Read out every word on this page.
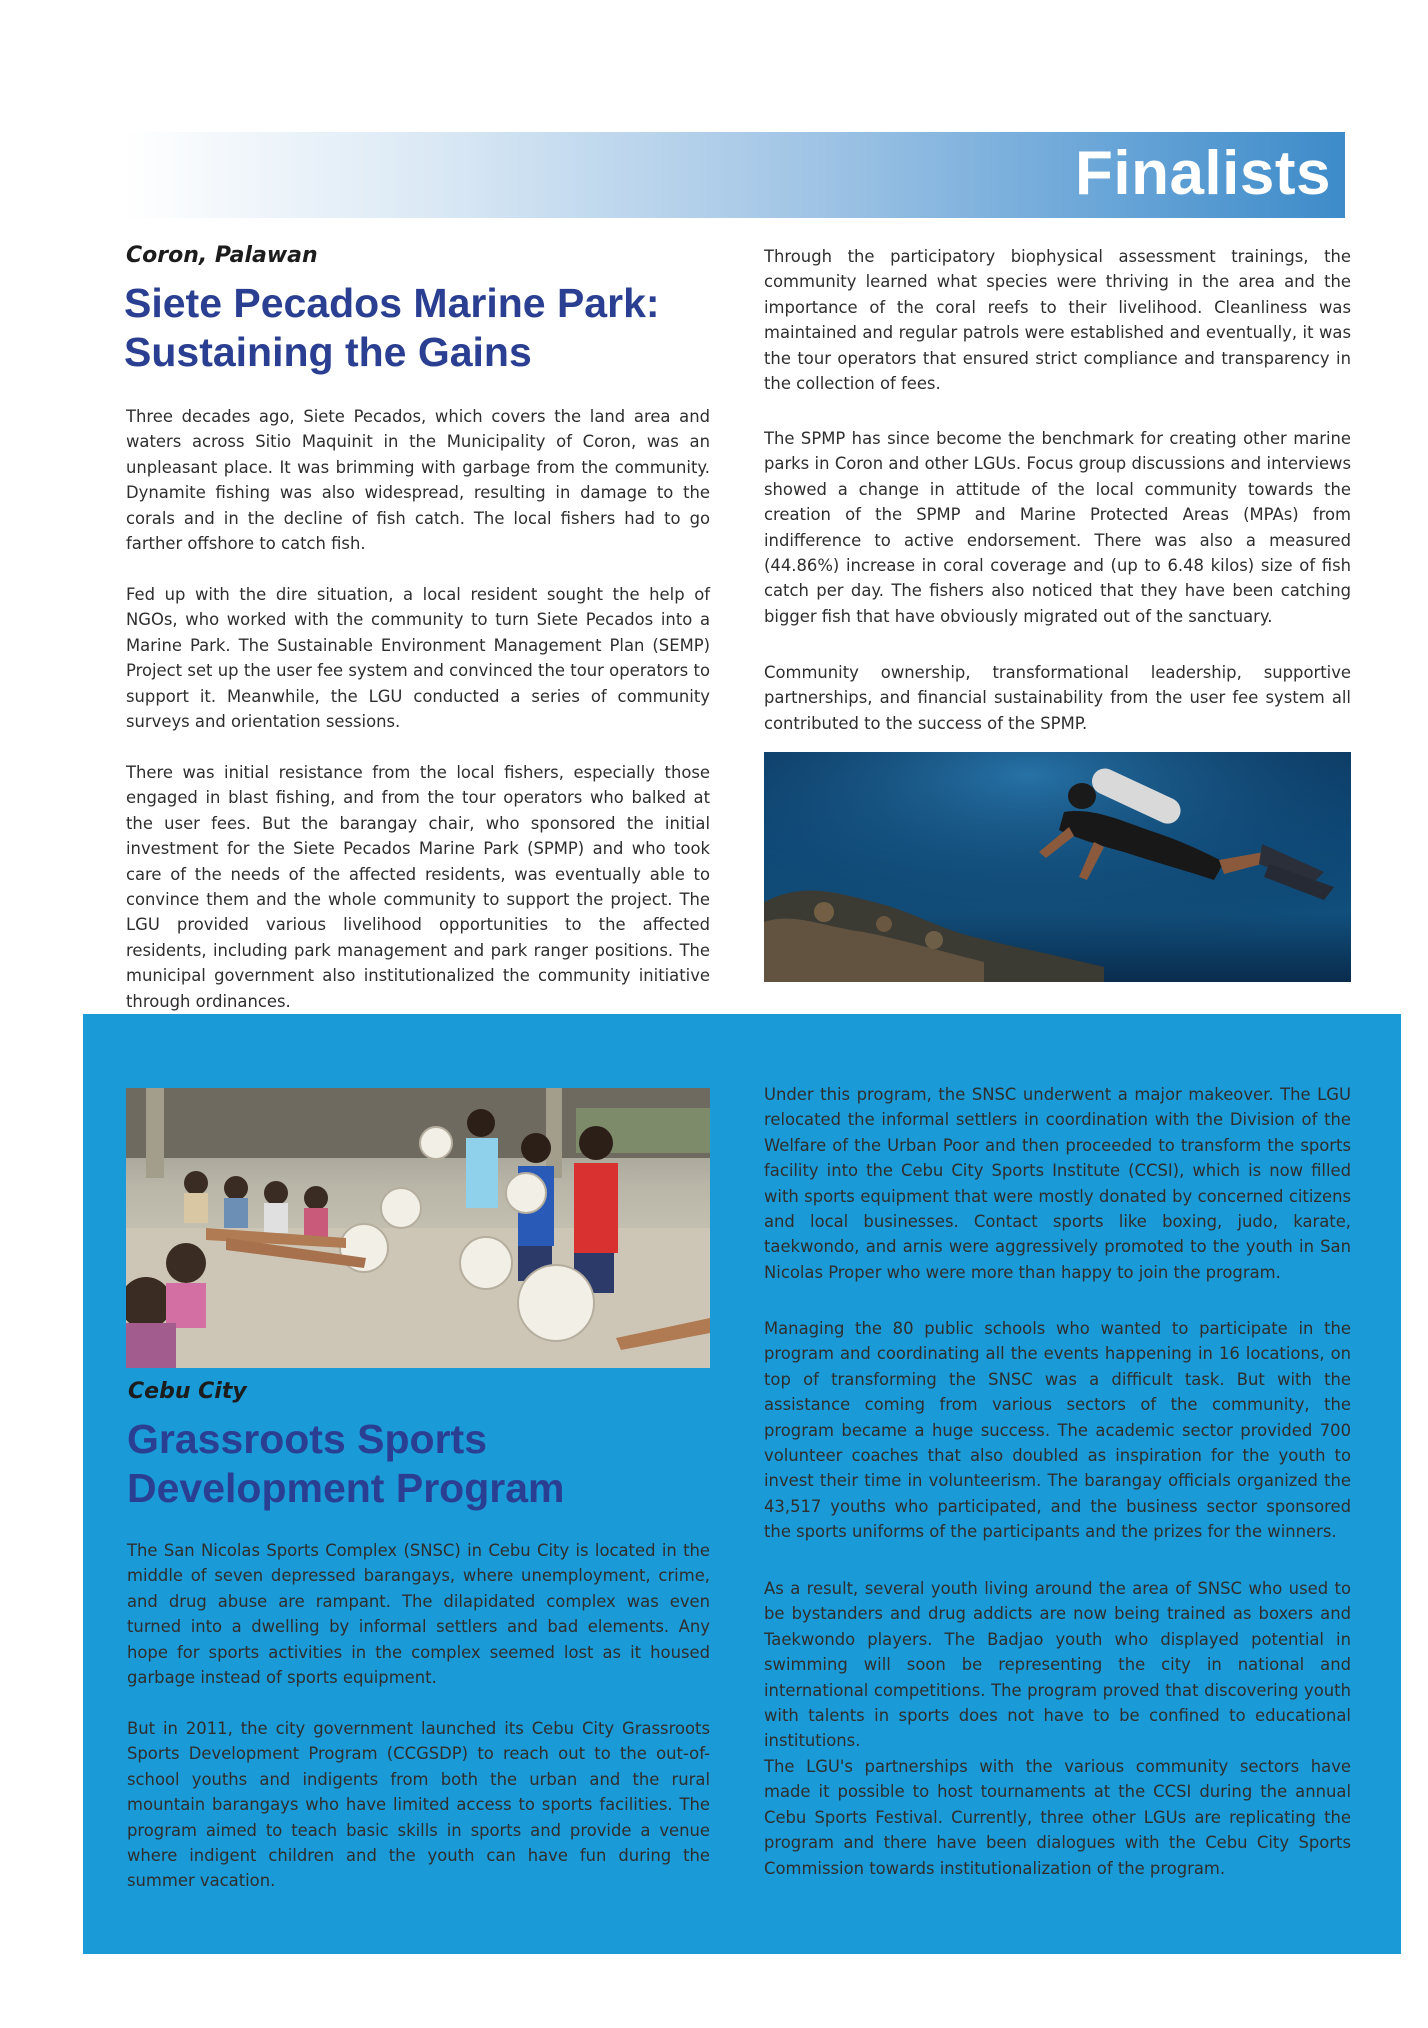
Finalists
Coron, Palawan
Siete Pecados Marine Park:
Sustaining the Gains

Three decades ago, Siete Pecados, which covers the land area and waters across Sitio Maquinit in the Municipality of Coron, was an unpleasant place. It was brimming with garbage from the community. Dynamite fishing was also widespread, resulting in damage to the corals and in the decline of fish catch. The local fishers had to go farther offshore to catch fish.

Fed up with the dire situation, a local resident sought the help of NGOs, who worked with the community to turn Siete Pecados into a Marine Park. The Sustainable Environment Management Plan (SEMP) Project set up the user fee system and convinced the tour operators to support it. Meanwhile, the LGU conducted a series of community surveys and orientation sessions.

There was initial resistance from the local fishers, especially those engaged in blast fishing, and from the tour operators who balked at the user fees. But the barangay chair, who sponsored the initial investment for the Siete Pecados Marine Park (SPMP) and who took care of the needs of the affected residents, was eventually able to convince them and the whole community to support the project. The LGU provided various livelihood opportunities to the affected residents, including park management and park ranger positions. The municipal government also institutionalized the community initiative through ordinances.

Through the participatory biophysical assessment trainings, the community learned what species were thriving in the area and the importance of the coral reefs to their livelihood. Cleanliness was maintained and regular patrols were established and eventually, it was the tour operators that ensured strict compliance and transparency in the collection of fees.

The SPMP has since become the benchmark for creating other marine parks in Coron and other LGUs. Focus group discussions and interviews showed a change in attitude of the local community towards the creation of the SPMP and Marine Protected Areas (MPAs) from indifference to active endorsement. There was also a measured (44.86%) increase in coral coverage and (up to 6.48 kilos) size of fish catch per day. The fishers also noticed that they have been catching bigger fish that have obviously migrated out of the sanctuary.

Community ownership, transformational leadership, supportive partnerships, and financial sustainability from the user fee system all contributed to the success of the SPMP.

Cebu City
Grassroots Sports
Development Program

The San Nicolas Sports Complex (SNSC) in Cebu City is located in the middle of seven depressed barangays, where unemployment, crime, and drug abuse are rampant. The dilapidated complex was even turned into a dwelling by informal settlers and bad elements. Any hope for sports activities in the complex seemed lost as it housed garbage instead of sports equipment.

But in 2011, the city government launched its Cebu City Grassroots Sports Development Program (CCGSDP) to reach out to the out-of-school youths and indigents from both the urban and the rural mountain barangays who have limited access to sports facilities. The program aimed to teach basic skills in sports and provide a venue where indigent children and the youth can have fun during the summer vacation.

Under this program, the SNSC underwent a major makeover. The LGU relocated the informal settlers in coordination with the Division of the Welfare of the Urban Poor and then proceeded to transform the sports facility into the Cebu City Sports Institute (CCSI), which is now filled with sports equipment that were mostly donated by concerned citizens and local businesses. Contact sports like boxing, judo, karate, taekwondo, and arnis were aggressively promoted to the youth in San Nicolas Proper who were more than happy to join the program.

Managing the 80 public schools who wanted to participate in the program and coordinating all the events happening in 16 locations, on top of transforming the SNSC was a difficult task. But with the assistance coming from various sectors of the community, the program became a huge success. The academic sector provided 700 volunteer coaches that also doubled as inspiration for the youth to invest their time in volunteerism. The barangay officials organized the 43,517 youths who participated, and the business sector sponsored the sports uniforms of the participants and the prizes for the winners.

As a result, several youth living around the area of SNSC who used to be bystanders and drug addicts are now being trained as boxers and Taekwondo players. The Badjao youth who displayed potential in swimming will soon be representing the city in national and international competitions. The program proved that discovering youth with talents in sports does not have to be confined to educational institutions.

The LGU's partnerships with the various community sectors have made it possible to host tournaments at the CCSI during the annual Cebu Sports Festival. Currently, three other LGUs are replicating the program and there have been dialogues with the Cebu City Sports Commission towards institutionalization of the program.
